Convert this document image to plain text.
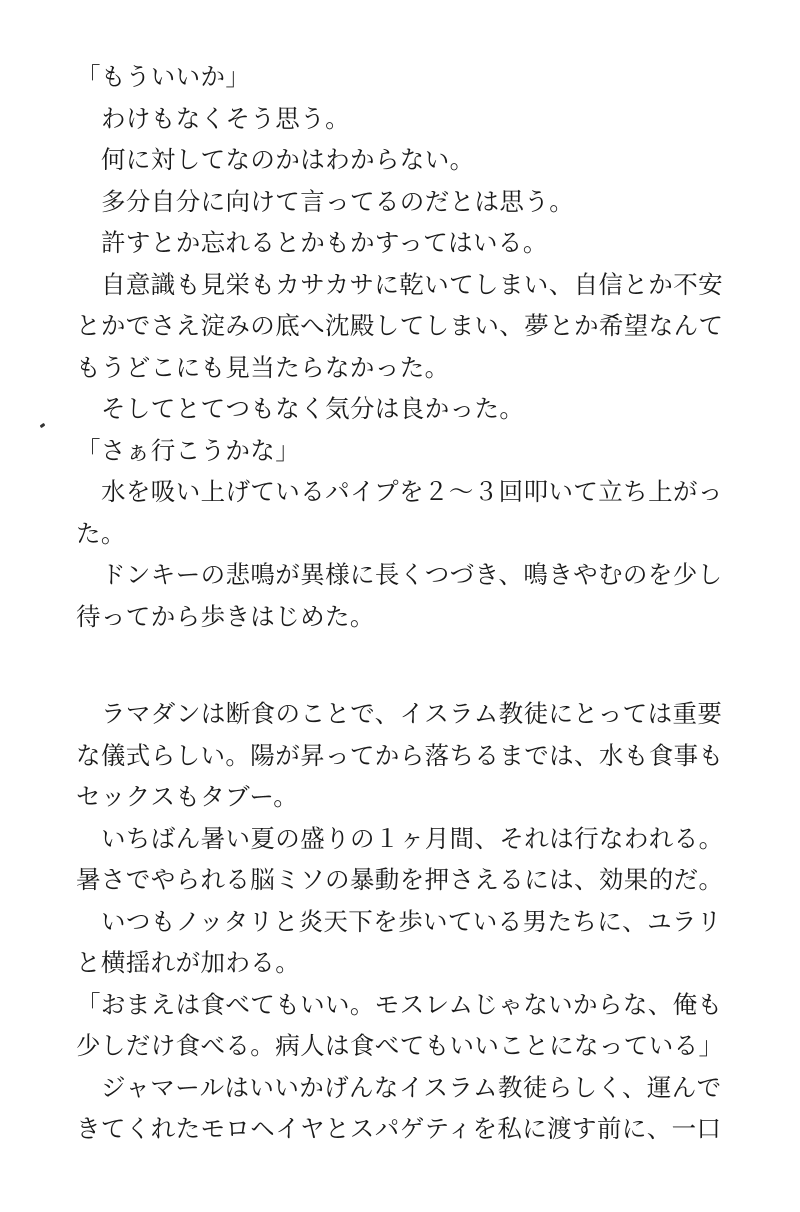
「もういいか」
わけもなくそう思う。
何に対してなのかはわからない。
多分自分に向けて言ってるのだとは思う。
許すとか忘れるとかもかすってはいる。
自意識も見栄もカサカサに乾いてしまい、自信とか不安
とかでさえ淀みの底へ沈殿してしまい、夢とか希望なんて
もうどこにも見当たらなかった。
そしてとてつもなく気分は良かった。
「さぁ行こうかな」
水を吸い上げているパイプを２〜３回叩いて立ち上がっ
た。
ドンキーの悲鳴が異様に長くつづき、鳴きやむのを少し
待ってから歩きはじめた。
ラマダンは断食のことで、イスラム教徒にとっては重要
な儀式らしい。陽が昇ってから落ちるまでは、水も食事も
セックスもタブー。
いちばん暑い夏の盛りの１ヶ月間、それは行なわれる。
暑さでやられる脳ミソの暴動を押さえるには、効果的だ。
いつもノッタリと炎天下を歩いている男たちに、ユラリ
と横揺れが加わる。
「おまえは食べてもいい。モスレムじゃないからな、俺も
少しだけ食べる。病人は食べてもいいことになっている」
ジャマールはいいかげんなイスラム教徒らしく、運んで
きてくれたモロヘイヤとスパゲティを私に渡す前に、一口
